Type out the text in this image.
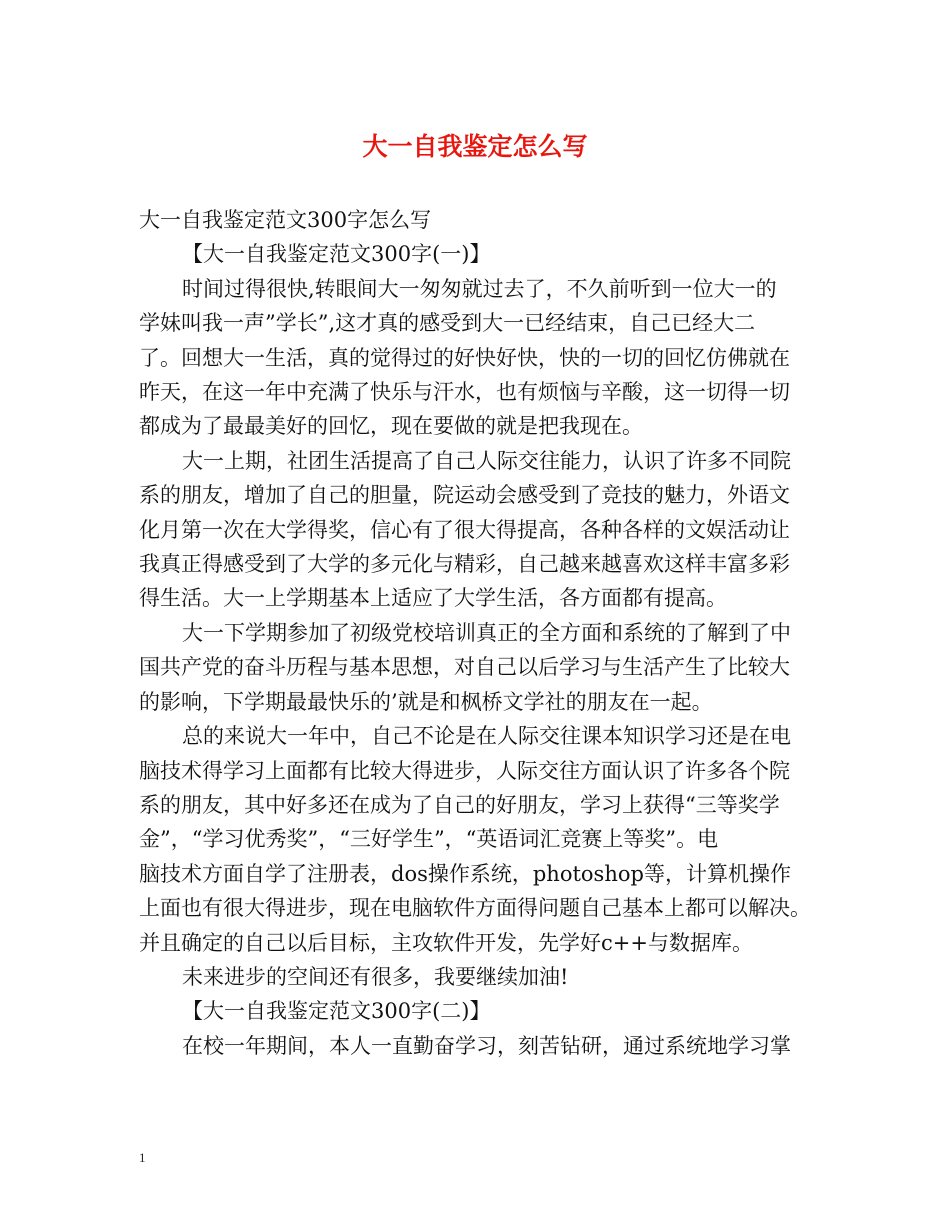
大一自我鉴定怎么写

大一自我鉴定范文300字怎么写

【大一自我鉴定范文300字(一)】

时间过得很快,转眼间大一匆匆就过去了，不久前听到一位大一的

学妹叫我一声”学长”,这才真的感受到大一已经结束，自己已经大二

了。回想大一生活，真的觉得过的好快好快，快的一切的回忆仿佛就在

昨天，在这一年中充满了快乐与汗水，也有烦恼与辛酸，这一切得一切

都成为了最最美好的回忆，现在要做的就是把我现在。

大一上期，社团生活提高了自己人际交往能力，认识了许多不同院

系的朋友，增加了自己的胆量，院运动会感受到了竞技的魅力，外语文

化月第一次在大学得奖，信心有了很大得提高，各种各样的文娱活动让

我真正得感受到了大学的多元化与精彩，自己越来越喜欢这样丰富多彩

得生活。大一上学期基本上适应了大学生活，各方面都有提高。

大一下学期参加了初级党校培训真正的全方面和系统的了解到了中

国共产党的奋斗历程与基本思想，对自己以后学习与生活产生了比较大

的影响，下学期最最快乐的’就是和枫桥文学社的朋友在一起。

总的来说大一年中，自己不论是在人际交往课本知识学习还是在电

脑技术得学习上面都有比较大得进步，人际交往方面认识了许多各个院

系的朋友，其中好多还在成为了自己的好朋友，学习上获得“三等奖学

金”，“学习优秀奖”，“三好学生”，“英语词汇竞赛上等奖”。电

脑技术方面自学了注册表，dos操作系统，photoshop等，计算机操作

上面也有很大得进步，现在电脑软件方面得问题自己基本上都可以解决。

并且确定的自己以后目标，主攻软件开发，先学好c++与数据库。

未来进步的空间还有很多，我要继续加油!

【大一自我鉴定范文300字(二)】

在校一年期间，本人一直勤奋学习，刻苦钻研，通过系统地学习掌

1
